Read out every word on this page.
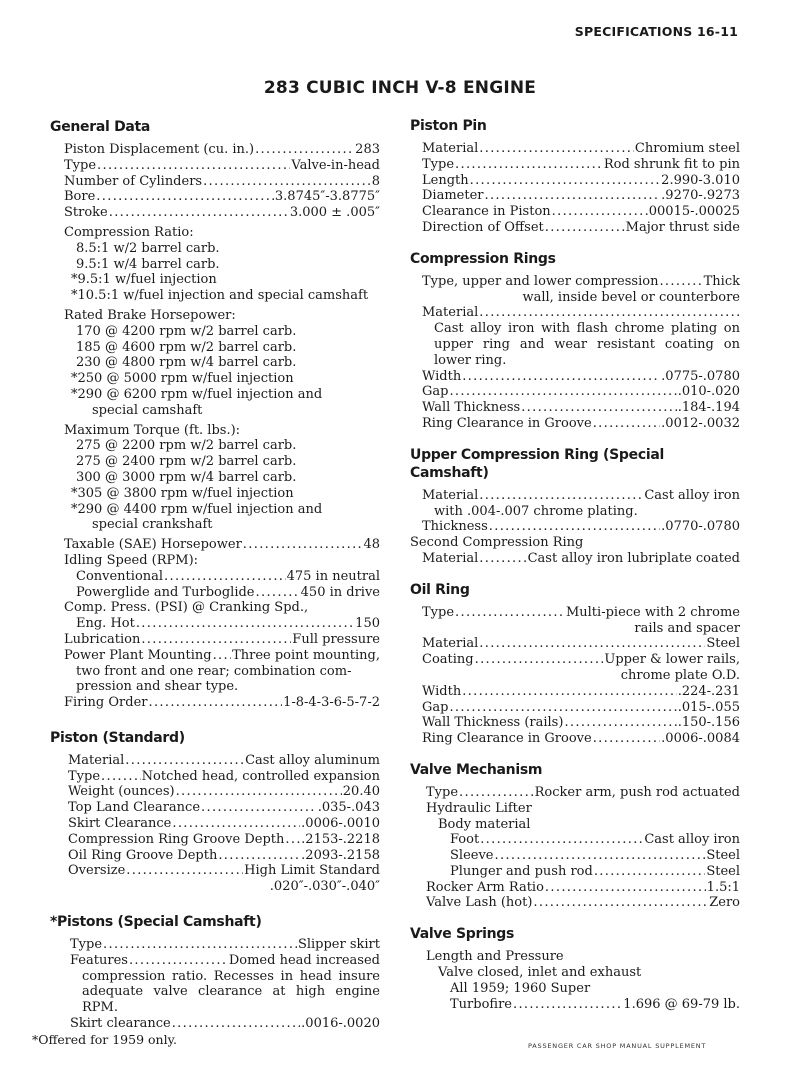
SPECIFICATIONS 16-11
283 CUBIC INCH V-8 ENGINE
General Data
Piston Displacement (cu. in.) . . .	283
Type . . .	Valve-in-head
Number of Cylinders . . .	8
Bore . . .	3.8745″-3.8775″
Stroke . . .	3.000 ± .005″
Compression Ratio:
8.5:1 w/2 barrel carb.
9.5:1 w/4 barrel carb.
*9.5:1 w/fuel injection
*10.5:1 w/fuel injection and special camshaft
Rated Brake Horsepower:
170 @ 4200 rpm w/2 barrel carb.
185 @ 4600 rpm w/2 barrel carb.
230 @ 4800 rpm w/4 barrel carb.
*250 @ 5000 rpm w/fuel injection
*290 @ 6200 rpm w/fuel injection and
special camshaft
Maximum Torque (ft. lbs.):
275 @ 2200 rpm w/2 barrel carb.
275 @ 2400 rpm w/2 barrel carb.
300 @ 3000 rpm w/4 barrel carb.
*305 @ 3800 rpm w/fuel injection
*290 @ 4400 rpm w/fuel injection and
special crankshaft
Taxable (SAE) Horsepower . . .	48
Idling Speed (RPM):
Conventional . . .	475 in neutral
Powerglide and Turboglide . . .	450 in drive
Comp. Press. (PSI) @ Cranking Spd.,
Eng. Hot . . .	150
Lubrication . . .	Full pressure
Power Plant Mounting . . . Three point mounting,
two front and one rear; combination com-
pression and shear type.
Firing Order . . .	1-8-4-3-6-5-7-2
Piston (Standard)
Material . . .	Cast alloy aluminum
Type . . .	Notched head, controlled expansion
Weight (ounces) . . .	20.40
Top Land Clearance . . .	.035-.043
Skirt Clearance . . .	.0006-.0010
Compression Ring Groove Depth . . . .2153-.2218
Oil Ring Groove Depth . . .	.2093-.2158
Oversize . . .	High Limit Standard
.020″-.030″-.040″
*Pistons (Special Camshaft)
Type . . .	Slipper skirt
Features . . .	Domed head increased
compression ratio. Recesses in head insure adequate valve clearance at high engine RPM.
Skirt clearance . . .	.0016-.0020
*Offered for 1959 only.
Piston Pin
Material . . .	Chromium steel
Type . . .	Rod shrunk fit to pin
Length . . .	2.990-3.010
Diameter . . .	.9270-.9273
Clearance in Piston . . .	.00015-.00025
Direction of Offset . . .	Major thrust side
Compression Rings
Type, upper and lower compression . . .	Thick
wall, inside bevel or counterbore
Material
. . .
Cast alloy iron with flash chrome plating on upper ring and wear resistant coating on lower ring.
Width . . .	.0775-.0780
Gap . . .	.010-.020
Wall Thickness . . .	.184-.194
Ring Clearance in Groove . . .	.0012-.0032
Upper Compression Ring (Special Camshaft)
Material . . .	Cast alloy iron
with .004-.007 chrome plating.
Thickness . . .	.0770-.0780
Second Compression Ring
Material . . .	Cast alloy iron lubriplate coated
Oil Ring
Type . . .	Multi-piece with 2 chrome
rails and spacer
Material . . .	Steel
Coating . . .	Upper & lower rails,
chrome plate O.D.
Width . . .	.224-.231
Gap . . .	.015-.055
Wall Thickness (rails) . . .	.150-.156
Ring Clearance in Groove . . .	.0006-.0084
Valve Mechanism
Type . . .	Rocker arm, push rod actuated
Hydraulic Lifter
Body material
Foot . . .	Cast alloy iron
Sleeve . . .	Steel
Plunger and push rod . . .	Steel
Rocker Arm Ratio . . .	1.5:1
Valve Lash (hot) . . .	Zero
Valve Springs
Length and Pressure
Valve closed, inlet and exhaust
All 1959; 1960 Super
Turbofire . . .	1.696 @ 69-79 lb.
PASSENGER CAR SHOP MANUAL SUPPLEMENT
